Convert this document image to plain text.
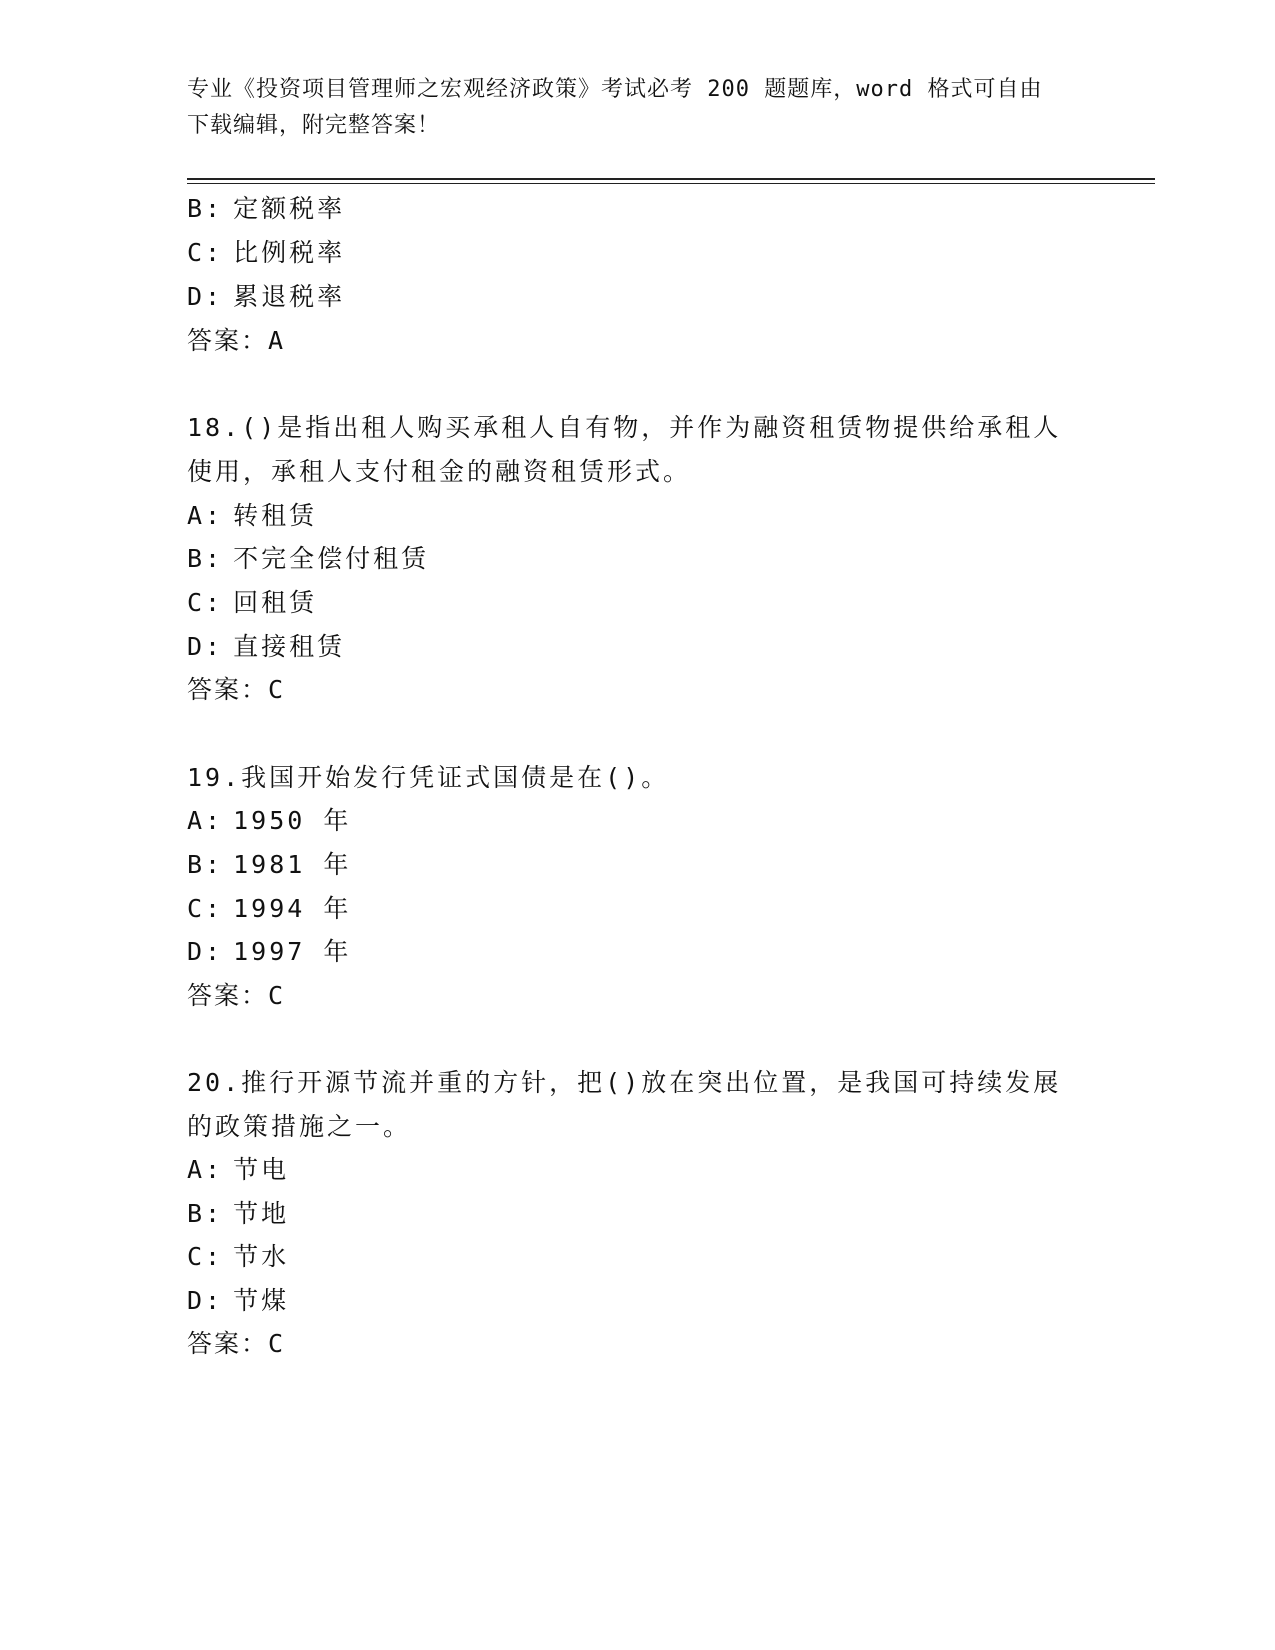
专业《投资项目管理师之宏观经济政策》考试必考 200 题题库，word 格式可自由
下载编辑，附完整答案！
B: 定额税率
C: 比例税率
D: 累退税率
答案：A
18.()是指出租人购买承租人自有物，并作为融资租赁物提供给承租人
使用，承租人支付租金的融资租赁形式。
A: 转租赁
B: 不完全偿付租赁
C: 回租赁
D: 直接租赁
答案：C
19.我国开始发行凭证式国债是在()。
A: 1950 年
B: 1981 年
C: 1994 年
D: 1997 年
答案：C
20.推行开源节流并重的方针，把()放在突出位置，是我国可持续发展
的政策措施之一。
A: 节电
B: 节地
C: 节水
D: 节煤
答案：C
